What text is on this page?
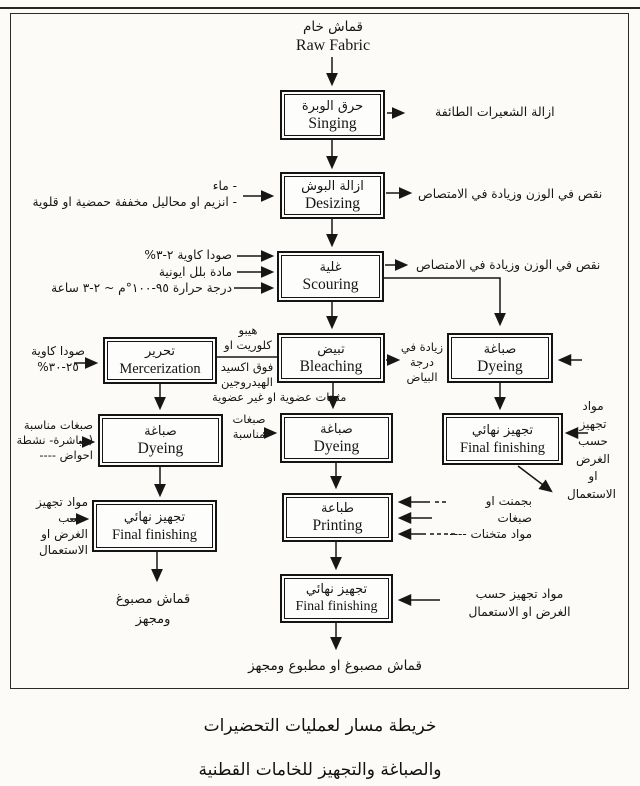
قماش خام
Raw Fabric
حرق الوبرة
Singing
ازالة البوش
Desizing
غلية
Scouring
تبيض
Bleaching
تحرير
Mercerization
صباغة
Dyeing
صباغة
Dyeing
صباغة
Dyeing
تجهيز نهائي
Final finishing
طباعة
Printing
تجهيز نهائي
Final finishing
تجهيز نهائي
Final finishing
ازالة الشعيرات الطائفة
- ماء
- انزيم او محاليل مخففة حمضية او قلوية
نقص في الوزن وزيادة في الامتصاص
صودا كاوية ٢-٣%
مادة بلل ايونية
درجة حرارة ٩٥-١٠٠°م ~ ٢-٣ ساعة
نقص في الوزن وزيادة في الامتصاص
صودا كاوية
٢٥-٣٠%
هيبو
كلوريت او
فوق اكسيد
الهيدروجين
زيادة في
درجة
البياض
مثبتات عضوية او غير عضوية
صبغات
مناسبة
صبغات مناسبة
(مباشرة- نشطة
احواض ----
مواد
تجهيز
حسب
الغرض
او
الاستعمال
بجمنت او
صبغات
مواد متخنات ----
مواد تجهيز
حسب
الغرض او
الاستعمال
مواد تجهيز حسب
الغرض او الاستعمال
قماش مصبوغ
ومجهز
قماش مصبوغ او مطبوع ومجهز
خريطة مسار لعمليات التحضيرات
والصباغة والتجهيز للخامات القطنية
